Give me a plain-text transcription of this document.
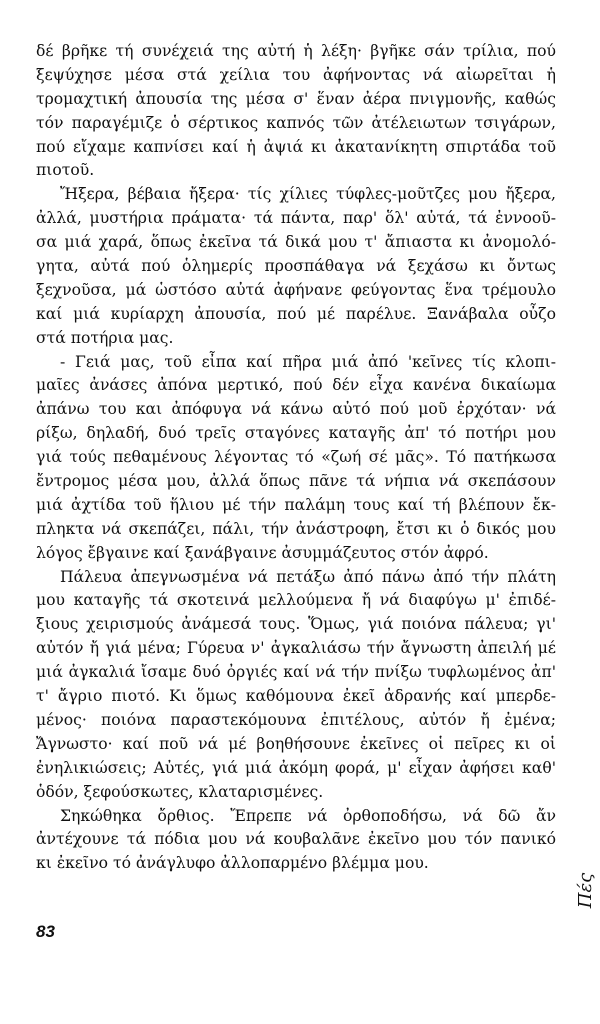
δέ βρῆκε τή συνέχειά της αὐτή ἡ λέξη· βγῆκε σάν τρίλια, πού
ξεψύχησε μέσα στά χείλια του ἀφήνοντας νά αἰωρεῖται ἡ
τρομαχτική ἀπουσία της μέσα σ' ἕναν ἀέρα πνιγμονῆς, καθώς
τόν παραγέμιζε ὁ σέρτικος καπνός τῶν ἀτέλειωτων τσιγάρων,
πού εἴχαμε καπνίσει καί ἡ ἀψιά κι ἀκατανίκητη σπιρτάδα τοῦ
πιοτοῦ.
Ἤξερα, βέβαια ἤξερα· τίς χίλιες τύφλες-μοῦτζες μου ἤξερα,
ἀλλά, μυστήρια πράματα· τά πάντα, παρ' ὅλ' αὐτά, τά ἐννοοῦ-
σα μιά χαρά, ὅπως ἐκεῖνα τά δικά μου τ' ἄπιαστα κι ἀνομολό-
γητα, αὐτά πού ὁλημερίς προσπάθαγα νά ξεχάσω κι ὄντως
ξεχνοῦσα, μά ὡστόσο αὐτά ἀφήνανε φεύγοντας ἕνα τρέμουλο
καί μιά κυρίαρχη ἀπουσία, πού μέ παρέλυε. Ξανάβαλα οὖζο
στά ποτήρια μας.
- Γειά μας, τοῦ εἶπα καί πῆρα μιά ἀπό 'κεῖνες τίς κλοπι-
μαῖες ἀνάσες ἀπόνα μερτικό, πού δέν εἶχα κανένα δικαίωμα
ἀπάνω του και ἀπόφυγα νά κάνω αὐτό πού μοῦ ἐρχόταν· νά
ρίξω, δηλαδή, δυό τρεῖς σταγόνες καταγῆς ἀπ' τό ποτήρι μου
γιά τούς πεθαμένους λέγοντας τό «ζωή σέ μᾶς». Τό πατήκωσα
ἔντρομος μέσα μου, ἀλλά ὅπως πᾶνε τά νήπια νά σκεπάσουν
μιά ἀχτίδα τοῦ ἥλιου μέ τήν παλάμη τους καί τή βλέπουν ἔκ-
πληκτα νά σκεπάζει, πάλι, τήν ἀνάστροφη, ἔτσι κι ὁ δικός μου
λόγος ἔβγαινε καί ξανάβγαινε ἀσυμμάζευτος στόν ἀφρό.
Πάλευα ἀπεγνωσμένα νά πετάξω ἀπό πάνω ἀπό τήν πλάτη
μου καταγῆς τά σκοτεινά μελλούμενα ἤ νά διαφύγω μ' ἐπιδέ-
ξιους χειρισμούς ἀνάμεσά τους. Ὅμως, γιά ποιόνα πάλευα; γι'
αὐτόν ἤ γιά μένα; Γύρευα ν' ἀγκαλιάσω τήν ἄγνωστη ἀπειλή μέ
μιά ἀγκαλιά ἴσαμε δυό ὀργιές καί νά τήν πνίξω τυφλωμένος ἀπ'
τ' ἄγριο πιοτό. Κι ὅμως καθόμουνα ἐκεῖ ἀδρανής καί μπερδε-
μένος· ποιόνα παραστεκόμουνα ἐπιτέλους, αὐτόν ἤ ἐμένα;
Ἄγνωστο· καί ποῦ νά μέ βοηθήσουνε ἐκεῖνες οἱ πεῖρες κι οἱ
ἐνηλικιώσεις; Αὐτές, γιά μιά ἀκόμη φορά, μ' εἶχαν ἀφήσει καθ'
ὁδόν, ξεφούσκωτες, κλαταρισμένες.
Σηκώθηκα ὄρθιος. Ἔπρεπε νά ὀρθοποδήσω, νά δῶ ἄν
ἀντέχουνε τά πόδια μου νά κουβαλᾶνε ἐκεῖνο μου τόν πανικό
κι ἐκεῖνο τό ἀνάγλυφο ἀλλοπαρμένο βλέμμα μου.
83
Πές
